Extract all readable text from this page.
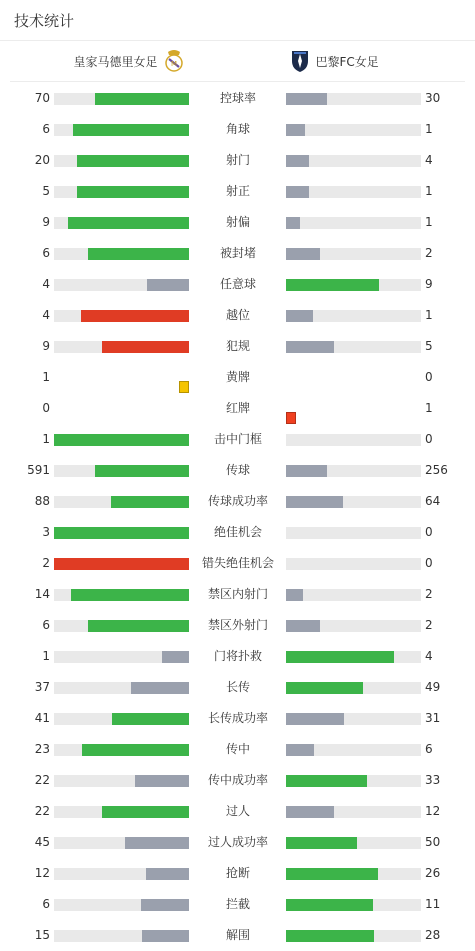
技术统计
皇家马德里女足 M	巴黎FC女足
70	控球率	30
6	角球	1
20	射门	4
5	射正	1
9	射偏	1
6	被封堵	2
4	任意球	9
4	越位	1
9	犯规	5
1	黄牌	0
0	红牌	1
1	击中门框	0
591	传球	256
88	传球成功率	64
3	绝佳机会	0
2	错失绝佳机会	0
14	禁区内射门	2
6	禁区外射门	2
1	门将扑救	4
37	长传	49
41	长传成功率	31
23	传中	6
22	传中成功率	33
22	过人	12
45	过人成功率	50
12	抢断	26
6	拦截	11
15	解围	28
